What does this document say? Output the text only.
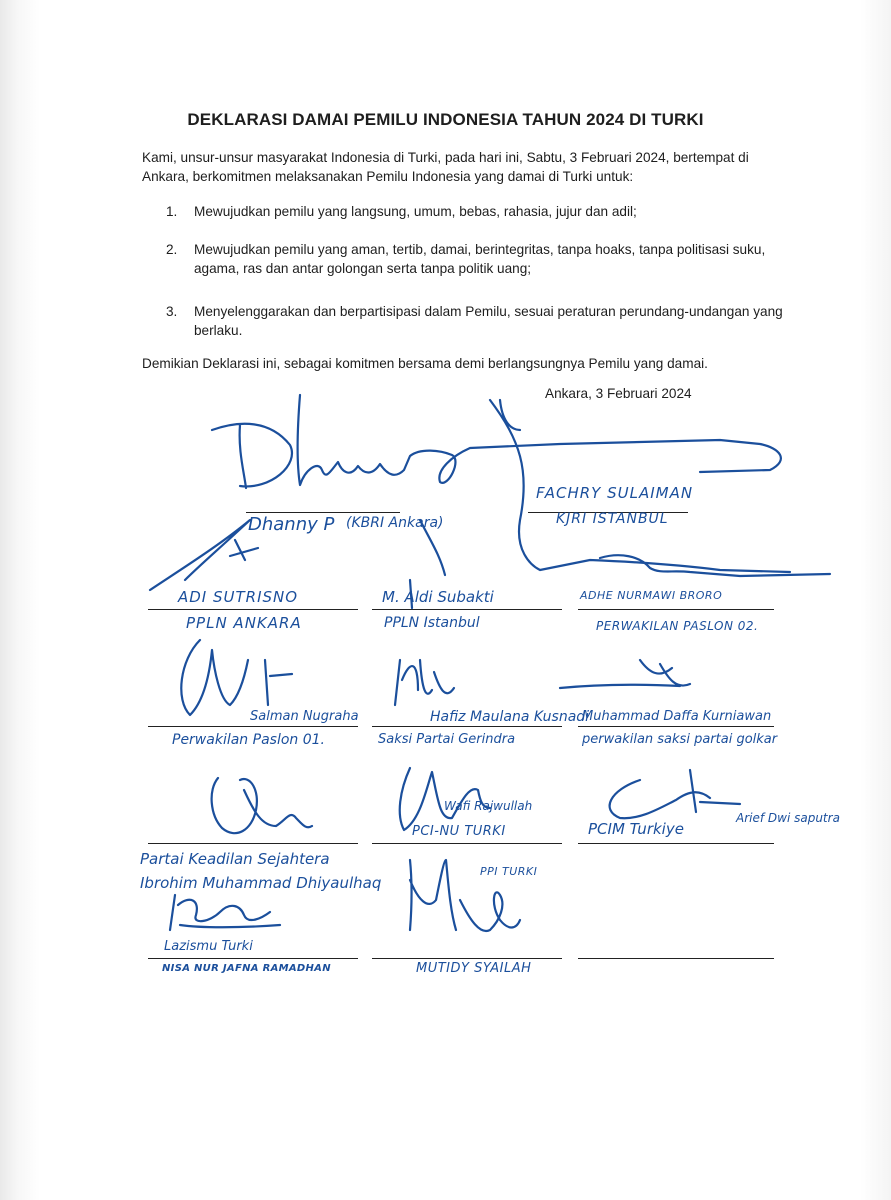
DEKLARASI DAMAI PEMILU INDONESIA TAHUN 2024 DI TURKI
Kami, unsur-unsur masyarakat Indonesia di Turki, pada hari ini, Sabtu, 3 Februari 2024, bertempat di Ankara, berkomitmen melaksanakan Pemilu Indonesia yang damai di Turki untuk:
1.	Mewujudkan pemilu yang langsung, umum, bebas, rahasia, jujur dan adil;
2.	Mewujudkan pemilu yang aman, tertib, damai, berintegritas, tanpa hoaks, tanpa politisasi suku, agama, ras dan antar golongan serta tanpa politik uang;
3.	Menyelenggarakan dan berpartisipasi dalam Pemilu, sesuai peraturan perundang-undangan yang berlaku.
Demikian Deklarasi ini, sebagai komitmen bersama demi berlangsungnya Pemilu yang damai.
Ankara, 3 Februari 2024
Dhanny P (KBRI Ankara)
FACHRY SULAIMAN
KJRI ISTANBUL
ADI SUTRISNO
PPLN ANKARA
M. Aldi Subakti
PPLN Istanbul
ADHE NURMAWI BRORO
PERWAKILAN PASLON 02.
Salman Nugraha
Perwakilan Paslon 01.
Hafiz Maulana Kusnadi
Saksi Partai Gerindra
Muhammad Daffa Kurniawan
perwakilan saksi partai golkar
Partai Keadilan Sejahtera
Ibrohim Muhammad Dhiyaulhaq
Wafi Rajwullah
PCI-NU TURKI
Arief Dwi saputra
PCIM Turkiye
NISA NUR JAFNA RAMADHAN
Lazismu Turki
MUTIDY SYAILAH
PPI TURKI
